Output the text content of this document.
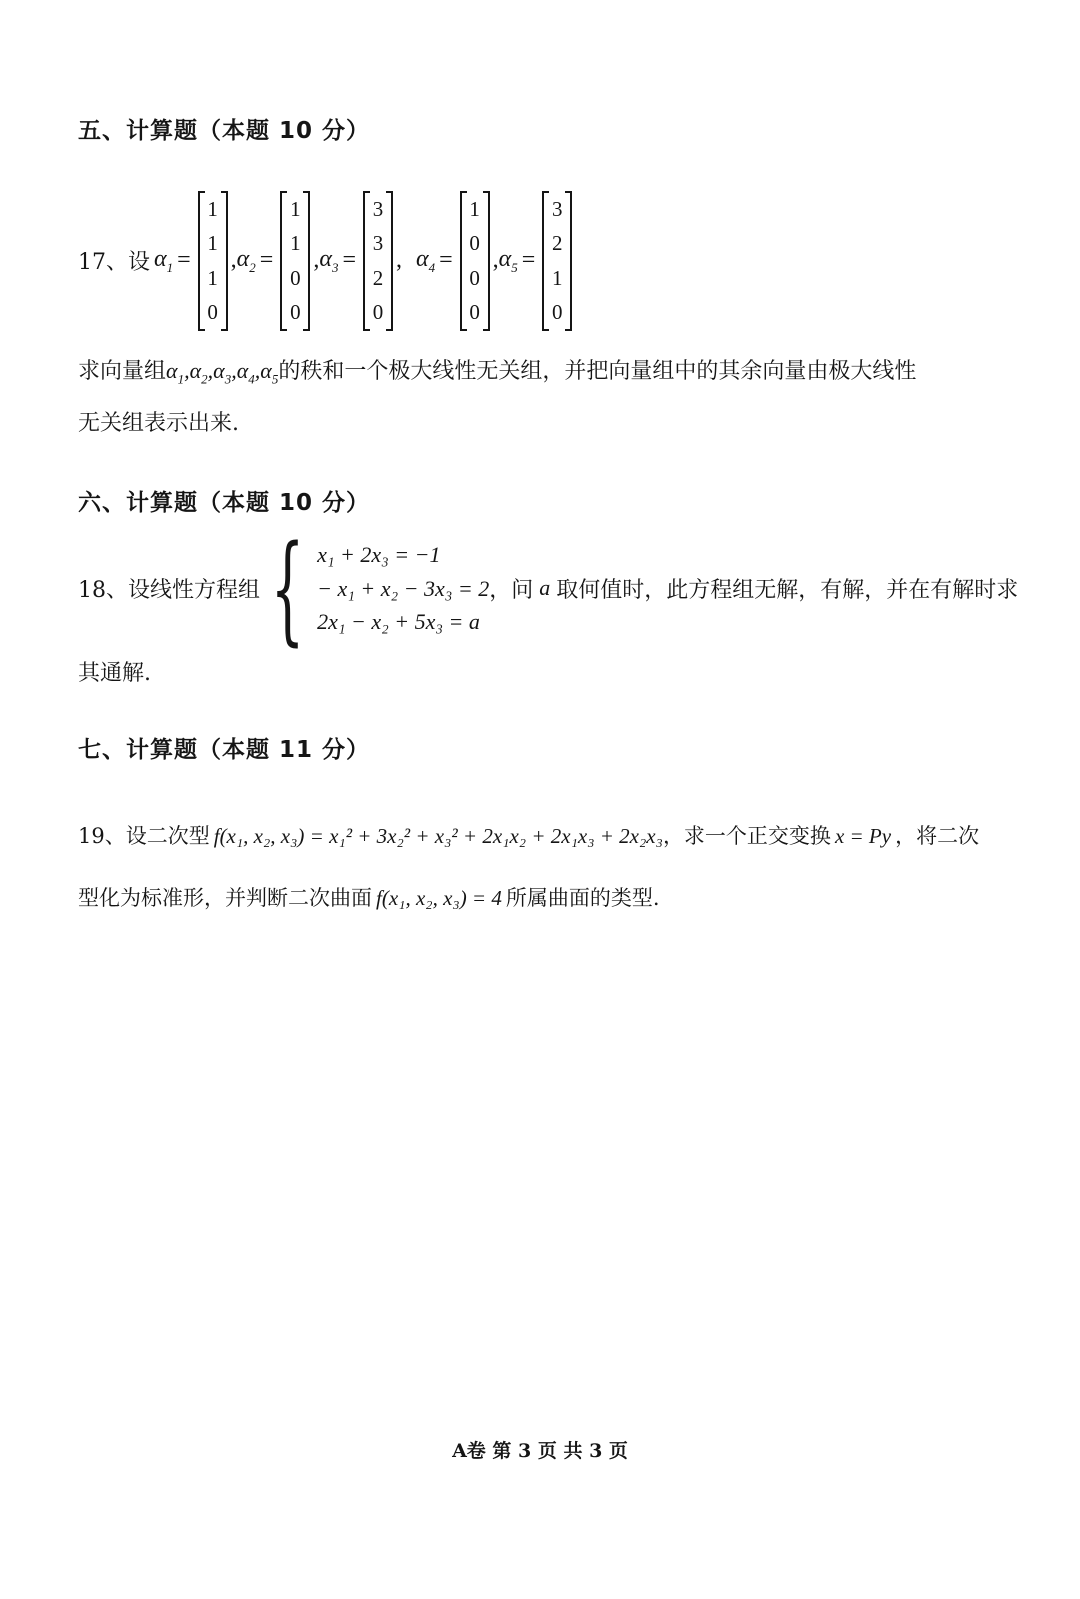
五、计算题（本题 10 分）
17、 设 $\alpha_1$ =
1
1
1
0
, $\alpha_2$ =
1
1
0
0
, $\alpha_3$ =
3
3
2
0
, $\alpha_4$ =
1
0
0
0
, $\alpha_5$ =
3
2
1
0
求向量组$\alpha_1,\alpha_2,\alpha_3,\alpha_4,\alpha_5$的秩和一个极大线性无关组，并把向量组中的其余向量由极大线性
无关组表示出来.
六、计算题（本题 10 分）
18、 设线性方程组 { x₁ + 2x₃ = −1
− x₁ + x₂ − 3x₃ = 2
2x₁ − x₂ + 5x₃ = a
，问 a 取何值时，此方程组无解，有解，并在有解时求
其通解.
七、计算题（本题 11 分）
19、设二次型 f(x₁, x₂, x₃) = x₁² + 3x₂² + x₃² + 2x₁x₂ + 2x₁x₃ + 2x₂x₃，求一个正交变换 x = Py ，将二次
型化为标准形，并判断二次曲面 f(x₁, x₂, x₃) = 4 所属曲面的类型.
A卷 第 3 页 共 3 页
